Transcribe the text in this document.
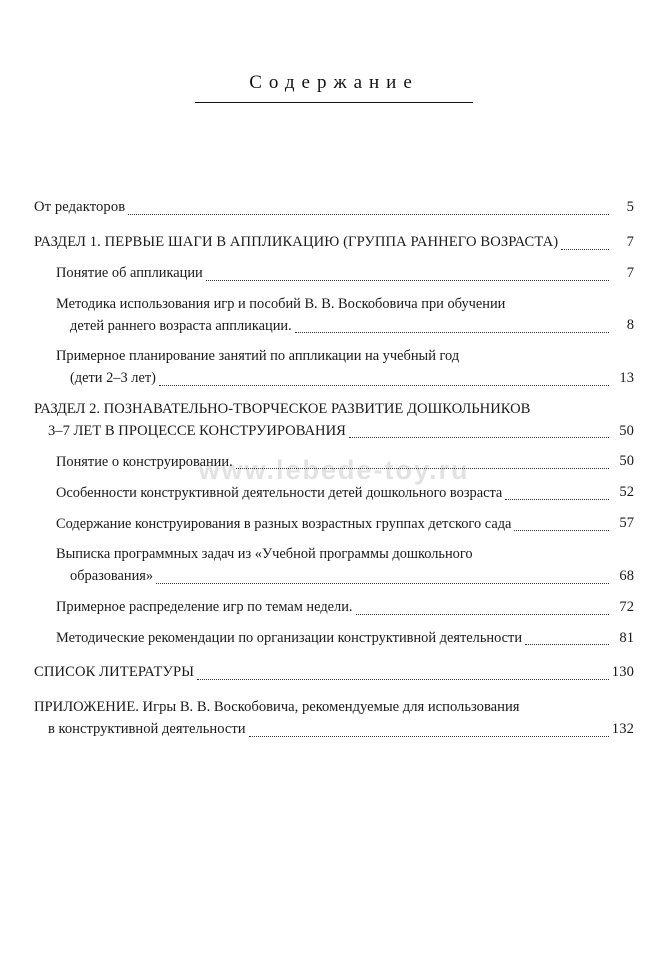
www.lebede-toy.ru
Содержание
От редакторов	5
РАЗДЕЛ 1. ПЕРВЫЕ ШАГИ В АППЛИКАЦИЮ (ГРУППА РАННЕГО ВОЗРАСТА)	7
Понятие об аппликации	7
Методика использования игр и пособий В. В. Воскобовича при обучении
детей раннего возраста аппликации.	8
Примерное планирование занятий по аппликации на учебный год
(дети 2–3 лет)	13
РАЗДЕЛ 2. ПОЗНАВАТЕЛЬНО-ТВОРЧЕСКОЕ РАЗВИТИЕ ДОШКОЛЬНИКОВ
3–7 ЛЕТ В ПРОЦЕССЕ КОНСТРУИРОВАНИЯ	50
Понятие о конструировании.	50
Особенности конструктивной деятельности детей дошкольного возраста	52
Содержание конструирования в разных возрастных группах детского сада	57
Выписка программных задач из «Учебной программы дошкольного
образования»	68
Примерное распределение игр по темам недели.	72
Методические рекомендации по организации конструктивной деятельности	81
СПИСОК ЛИТЕРАТУРЫ	130
ПРИЛОЖЕНИЕ. Игры В. В. Воскобовича, рекомендуемые для использования
в конструктивной деятельности	132
